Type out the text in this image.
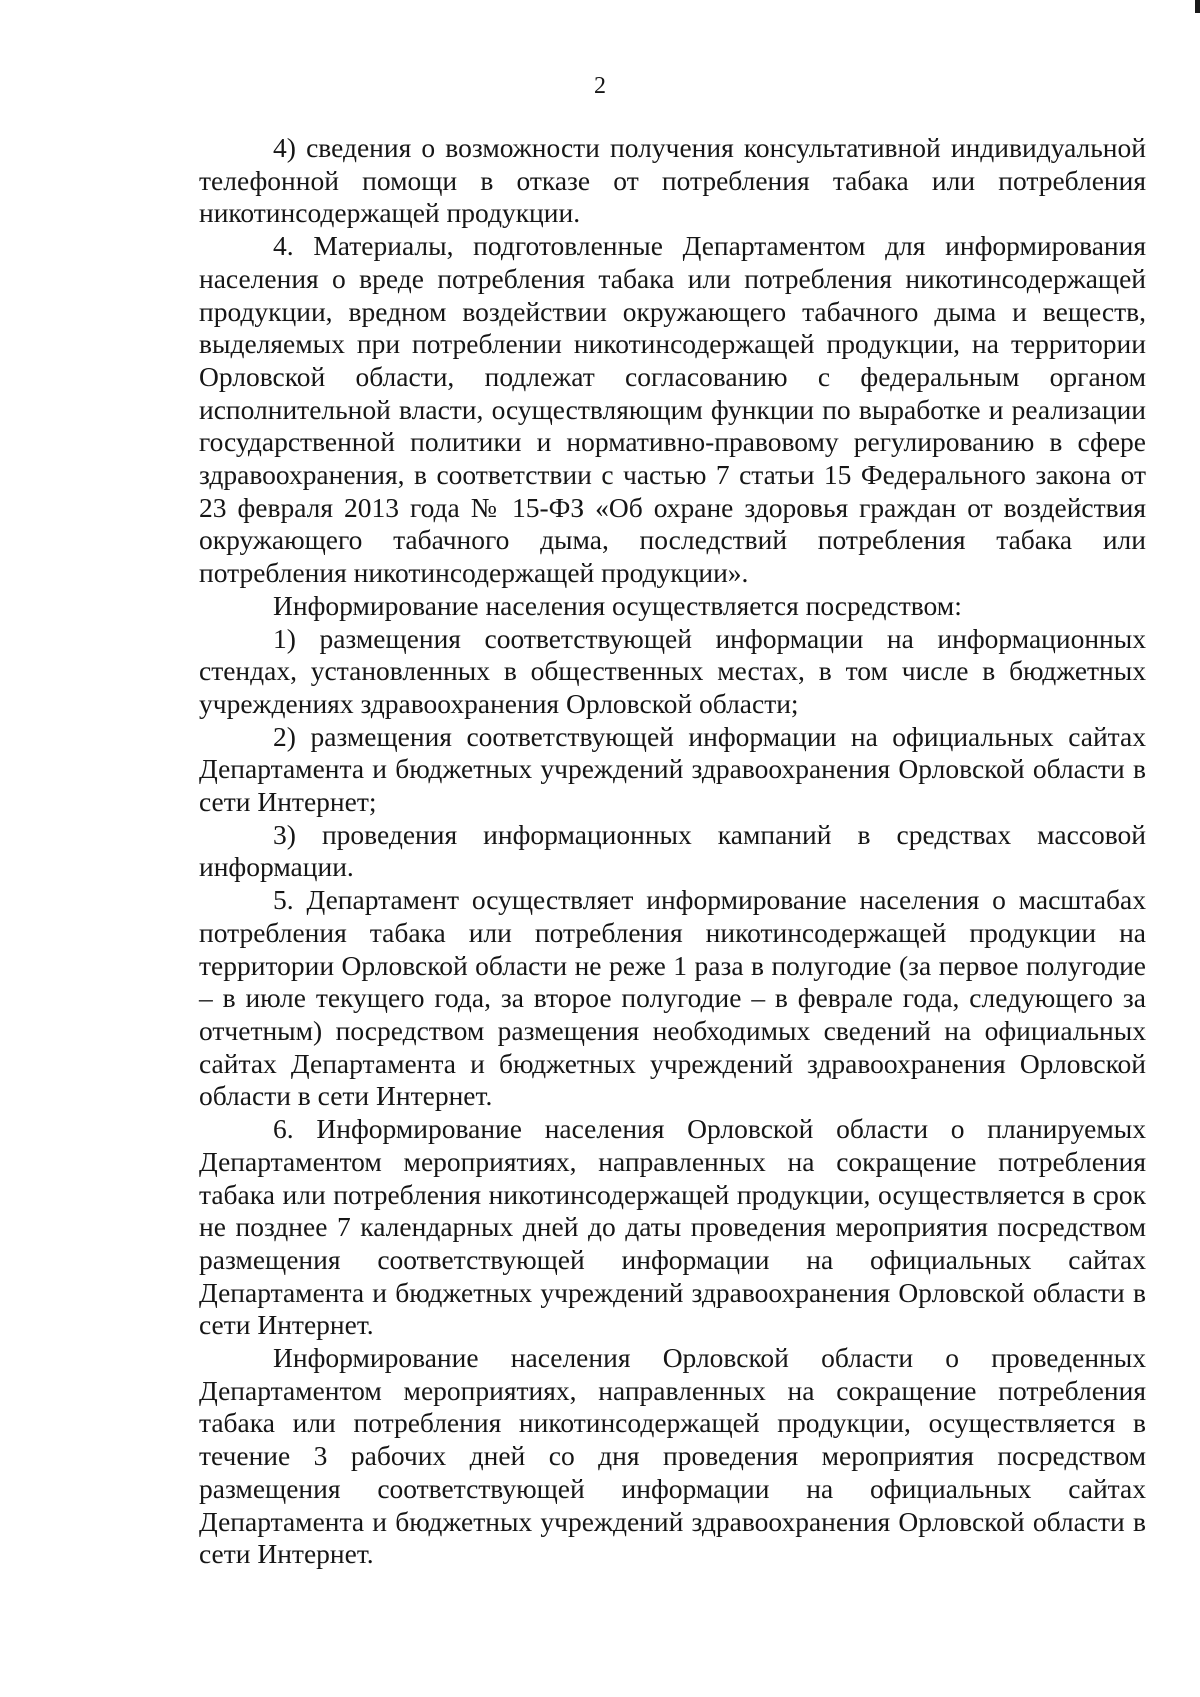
2

4) сведения о возможности получения консультативной индивидуальной телефонной помощи в отказе от потребления табака или потребления никотинсодержащей продукции.

4. Материалы, подготовленные Департаментом для информирования населения о вреде потребления табака или потребления никотинсодержащей продукции, вредном воздействии окружающего табачного дыма и веществ, выделяемых при потреблении никотинсодержащей продукции, на территории Орловской области, подлежат согласованию с федеральным органом исполнительной власти, осуществляющим функции по выработке и реализации государственной политики и нормативно-правовому регулированию в сфере здравоохранения, в соответствии с частью 7 статьи 15 Федерального закона от 23 февраля 2013 года № 15-ФЗ «Об охране здоровья граждан от воздействия окружающего табачного дыма, последствий потребления табака или потребления никотинсодержащей продукции».

Информирование населения осуществляется посредством:

1) размещения соответствующей информации на информационных стендах, установленных в общественных местах, в том числе в бюджетных учреждениях здравоохранения Орловской области;

2) размещения соответствующей информации на официальных сайтах Департамента и бюджетных учреждений здравоохранения Орловской области в сети Интернет;

3) проведения информационных кампаний в средствах массовой информации.

5. Департамент осуществляет информирование населения о масштабах потребления табака или потребления никотинсодержащей продукции на территории Орловской области не реже 1 раза в полугодие (за первое полугодие – в июле текущего года, за второе полугодие – в феврале года, следующего за отчетным) посредством размещения необходимых сведений на официальных сайтах Департамента и бюджетных учреждений здравоохранения Орловской области в сети Интернет.

6. Информирование населения Орловской области о планируемых Департаментом мероприятиях, направленных на сокращение потребления табака или потребления никотинсодержащей продукции, осуществляется в срок не позднее 7 календарных дней до даты проведения мероприятия посредством размещения соответствующей информации на официальных сайтах Департамента и бюджетных учреждений здравоохранения Орловской области в сети Интернет.

Информирование населения Орловской области о проведенных Департаментом мероприятиях, направленных на сокращение потребления табака или потребления никотинсодержащей продукции, осуществляется в течение 3 рабочих дней со дня проведения мероприятия посредством размещения соответствующей информации на официальных сайтах Департамента и бюджетных учреждений здравоохранения Орловской области в сети Интернет.
